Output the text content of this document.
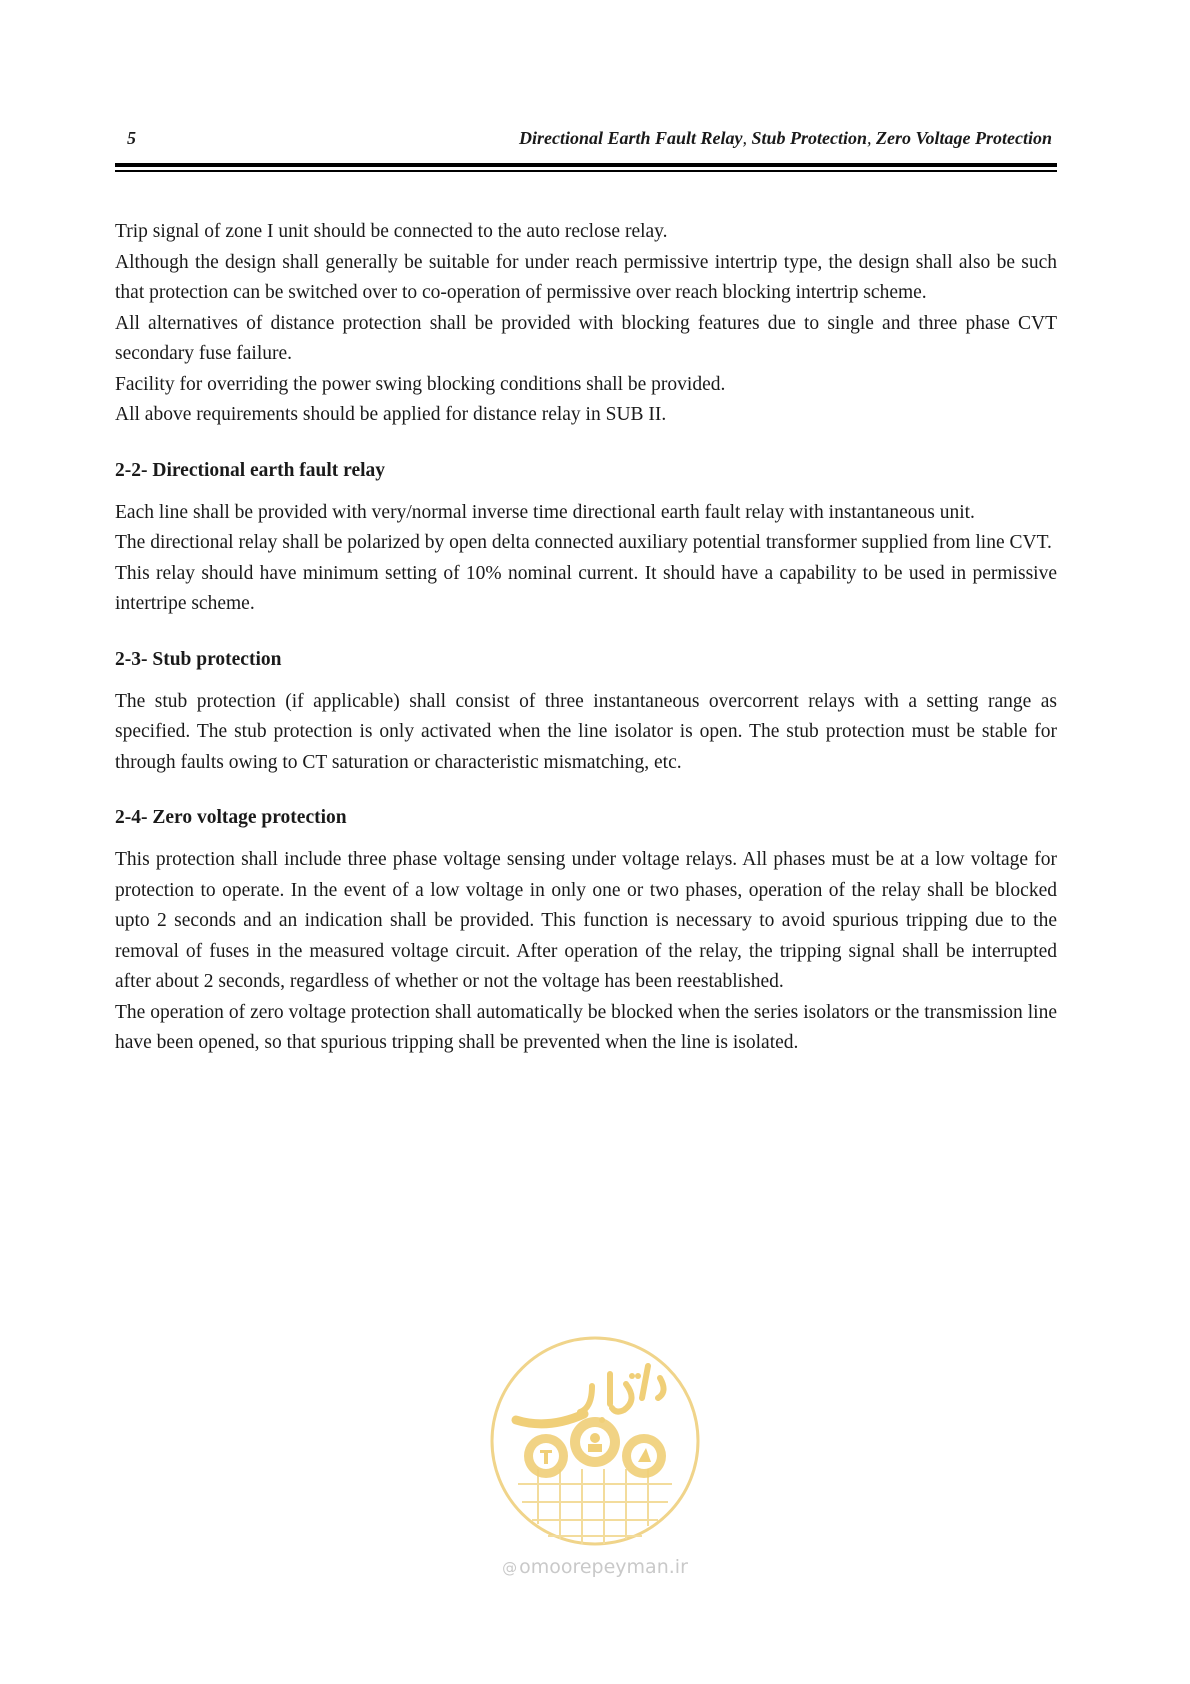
5	Directional Earth Fault Relay, Stub Protection, Zero Voltage Protection

Trip signal of zone I unit should be connected to the auto reclose relay.

Although the design shall generally be suitable for under reach permissive intertrip type, the design shall also be such that protection can be switched over to co-operation of permissive over reach blocking intertrip scheme.

All alternatives of distance protection shall be provided with blocking features due to single and three phase CVT secondary fuse failure.

Facility for overriding the power swing blocking conditions shall be provided.

All above requirements should be applied for distance relay in SUB II.

2-2- Directional earth fault relay

Each line shall be provided with very/normal inverse time directional earth fault relay with instantaneous unit.

The directional relay shall be polarized by open delta connected auxiliary potential transformer supplied from line CVT.

This relay should have minimum setting of 10% nominal current. It should have a capability to be used in permissive intertripe scheme.

2-3- Stub protection

The stub protection (if applicable) shall consist of three instantaneous overcorrent relays with a setting range as specified. The stub protection is only activated when the line isolator is open. The stub protection must be stable for through faults owing to CT saturation or characteristic mismatching, etc.

2-4- Zero voltage protection

This protection shall include three phase voltage sensing under voltage relays. All phases must be at a low voltage for protection to operate. In the event of a low voltage in only one or two phases, operation of the relay shall be blocked upto 2 seconds and an indication shall be provided. This function is necessary to avoid spurious tripping due to the removal of fuses in the measured voltage circuit. After operation of the relay, the tripping signal shall be interrupted after about 2 seconds, regardless of whether or not the voltage has been reestablished.

The operation of zero voltage protection shall automatically be blocked when the series isolators or the transmission line have been opened, so that spurious tripping shall be prevented when the line is isolated.

@ omoorepeyman.ir
